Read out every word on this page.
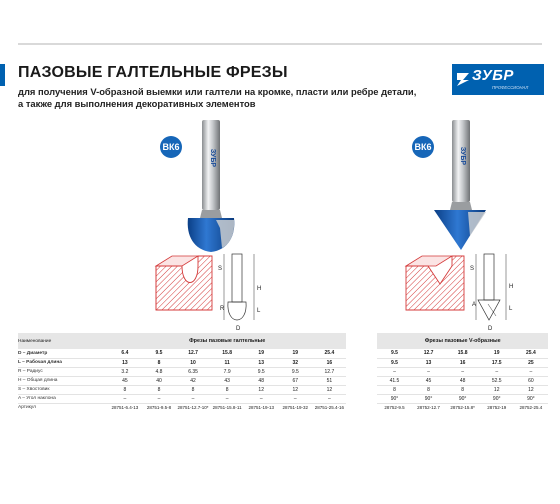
ПАЗОВЫЕ ГАЛТЕЛЬНЫЕ ФРЕЗЫ
для получения V-образной выемки или галтели на кромке, пласти или ребре детали,
а также для выполнения декоративных элементов
ЗУБР
ПРОФЕССИОНАЛ
ВК6	ВК6
ЗУБР	ЗУБР
S
H
L
R
D
S
H
L
A
D
Наименование	Фрезы пазовые галтельные								Фрезы пазовые V-образные				
D – Диаметр	6.4	9.5	12.7	15.8	19	19	25.4		9.5	12.7	15.8	19	25.4
L – Рабочая длина	13	8	10	11	13	32	16		9.5	13	16	17.5	25
R – Радиус	3.2	4.8	6.35	7.9	9.5	9.5	12.7		–	–	–	–	–
H – Общая длина	45	40	42	43	48	67	51		41.5	45	48	52.5	60
S – Хвостовик	8	8	8	8	12	12	12		8	8	8	12	12
A – Угол наклона	–	–	–	–	–	–	–		90°	90°	90°	90°	90°
Артикул	28751-6.4-13	28751-9.5-8	28751-12.7-10*	28751-15.8-11	28751-19-13	28751-19-32	28751-25.4-16		28752-9.5	28752-12.7	28752-15.8*	28752-19	28752-25.4
